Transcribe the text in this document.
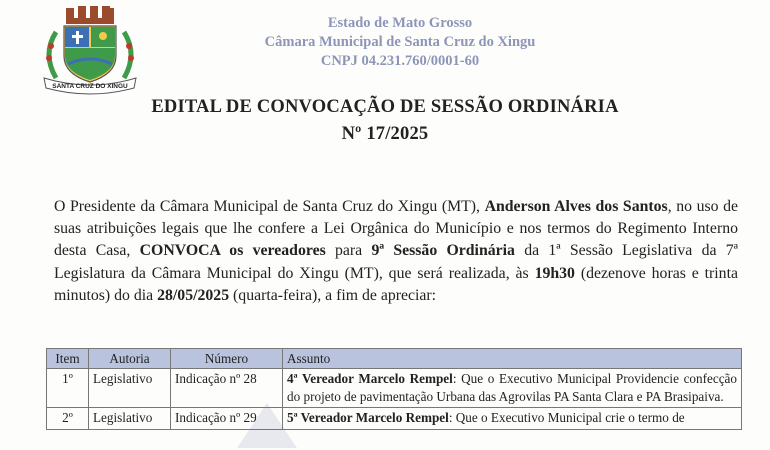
SANTA CRUZ DO XINGU
Estado de Mato Grosso
Câmara Municipal de Santa Cruz do Xingu
CNPJ 04.231.760/0001-60
EDITAL DE CONVOCAÇÃO DE SESSÃO ORDINÁRIA
Nº 17/2025

O Presidente da Câmara Municipal de Santa Cruz do Xingu (MT), Anderson Alves dos Santos, no uso de suas atribuições legais que lhe confere a Lei Orgânica do Município e nos termos do Regimento Interno desta Casa, CONVOCA os vereadores para 9ª Sessão Ordinária da 1ª Sessão Legislativa da 7ª Legislatura da Câmara Municipal do Xingu (MT), que será realizada, às 19h30 (dezenove horas e trinta minutos) do dia 28/05/2025 (quarta-feira), a fim de apreciar:

Item	Autoria	Número	Assunto
1º	Legislativo	Indicação nº 28	4ª Vereador Marcelo Rempel: Que o Executivo Municipal Providencie confecção do projeto de pavimentação Urbana das Agrovilas PA Santa Clara e PA Brasipaiva.
2º	Legislativo	Indicação nº 29	5ª Vereador Marcelo Rempel: Que o Executivo Municipal crie o termo de
